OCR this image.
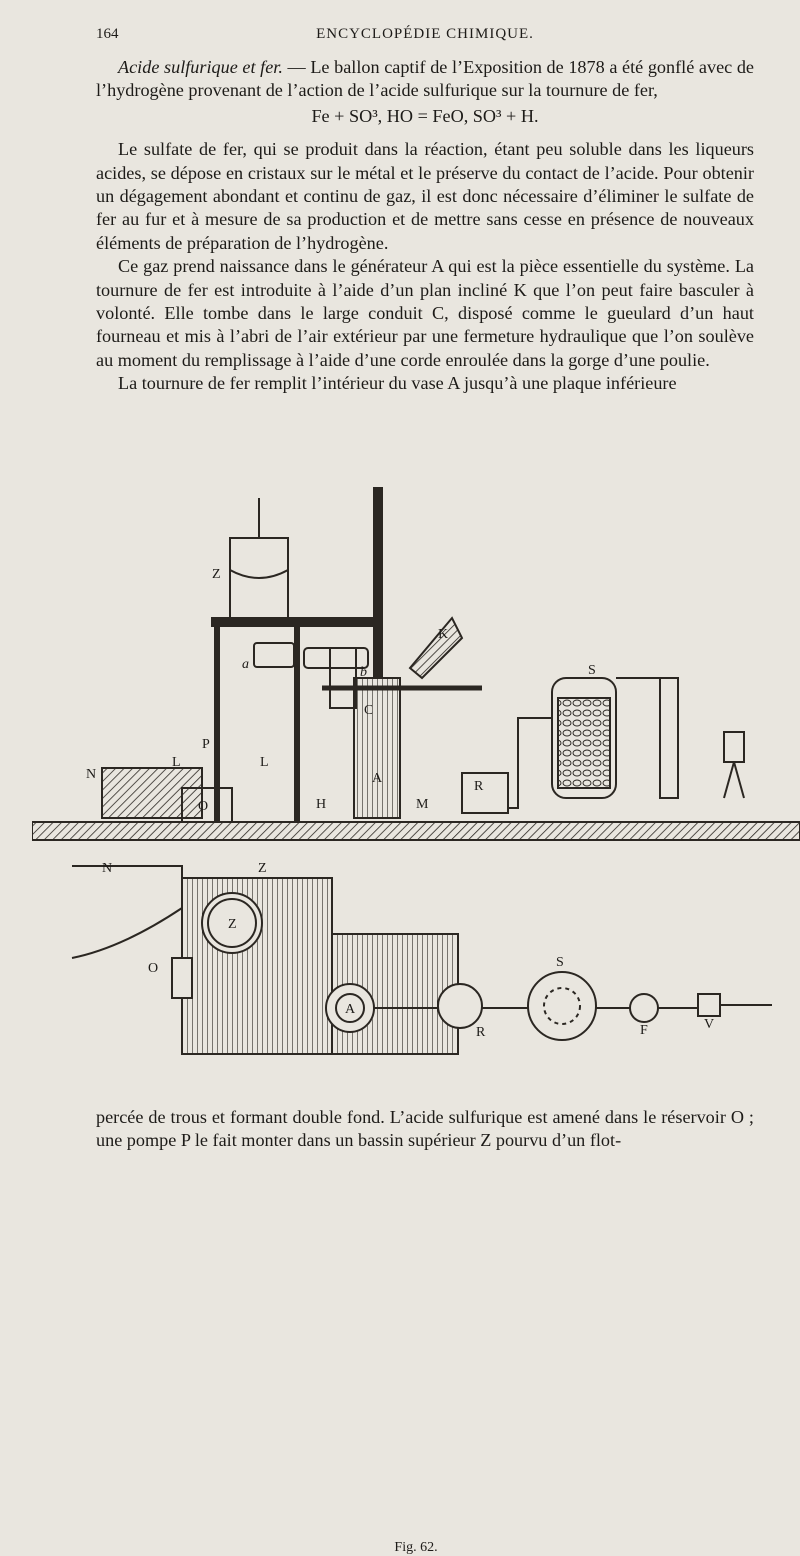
164	ENCYCLOPÉDIE CHIMIQUE.

Acide sulfurique et fer. — Le ballon captif de l’Exposition de 1878 a été gonflé avec de l’hydrogène provenant de l’action de l’acide sulfurique sur la tournure de fer,

Fe + SO³, HO = FeO, SO³ + H.

Le sulfate de fer, qui se produit dans la réaction, étant peu soluble dans les liqueurs acides, se dépose en cristaux sur le métal et le préserve du contact de l’acide. Pour obtenir un dégagement abondant et continu de gaz, il est donc nécessaire d’éliminer le sulfate de fer au fur et à mesure de sa production et de mettre sans cesse en présence de nouveaux éléments de préparation de l’hydrogène.

Ce gaz prend naissance dans le générateur A qui est la pièce essentielle du système. La tournure de fer est introduite à l’aide d’un plan incliné K que l’on peut faire basculer à volonté. Elle tombe dans le large conduit C, disposé comme le gueulard d’un haut fourneau et mis à l’abri de l’air extérieur par une fermeture hydraulique que l’on soulève au moment du remplissage à l’aide d’une corde enroulée dans la gorge d’une poulie.

La tournure de fer remplit l’intérieur du vase A jusqu’à une plaque inférieure

Z
K
a
b
C
P
L	L
N
O	H
A
M
R
S
N	Z
Z
O
A
R
S
F	V
Fig. 62.

percée de trous et formant double fond. L’acide sulfurique est amené dans le réservoir O ; une pompe P le fait monter dans un bassin supérieur Z pourvu d’un flot-
